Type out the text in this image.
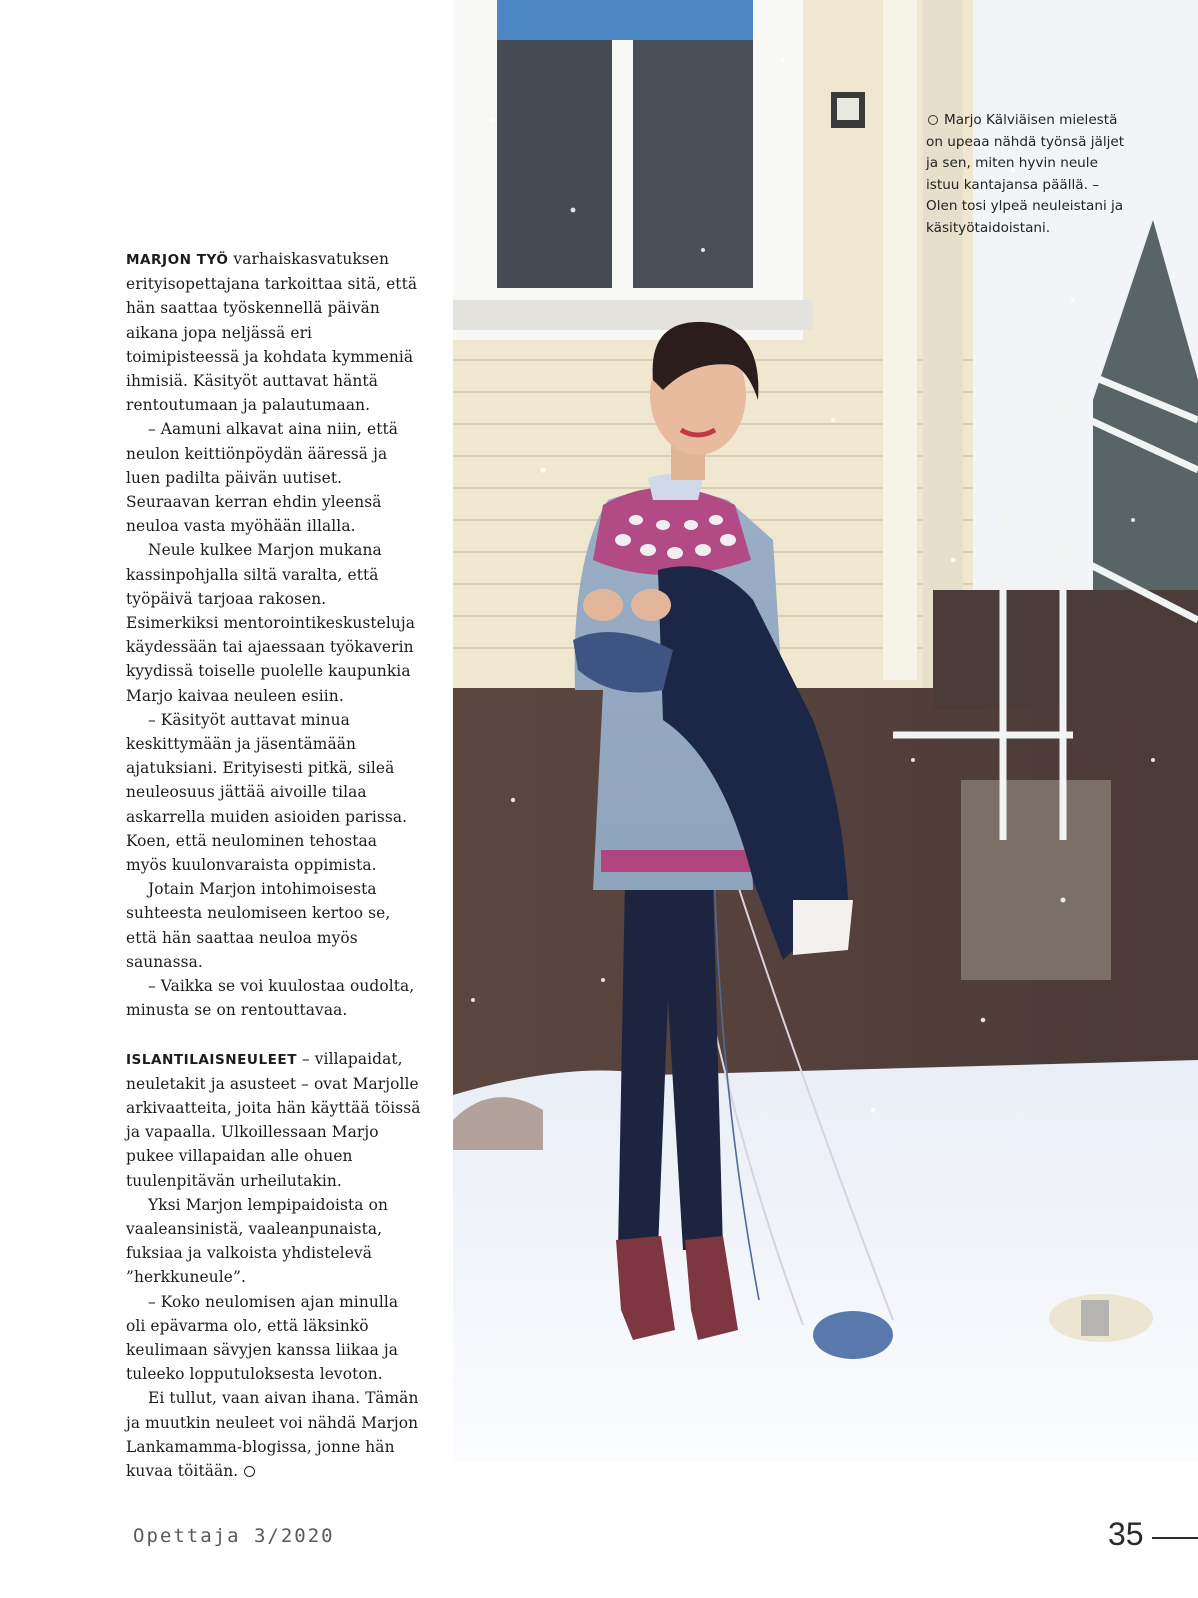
Marjo Kälviäisen mielestä on upeaa nähdä työnsä jäljet ja sen, miten hyvin neule istuu kantajansa päällä. – Olen tosi ylpeä neuleistani ja käsityötaidoistani.

MARJON TYÖ varhaiskasvatuksen erityisopettajana tarkoittaa sitä, että hän saattaa työskennellä päivän aikana jopa neljässä eri toimipisteessä ja kohdata kymmeniä ihmisiä. Käsityöt auttavat häntä rentoutumaan ja palautumaan.

– Aamuni alkavat aina niin, että neulon keittiönpöydän ääressä ja luen padilta päivän uutiset. Seuraavan kerran ehdin yleensä neuloa vasta myöhään illalla.

Neule kulkee Marjon mukana kassinpohjalla siltä varalta, että työpäivä tarjoaa rakosen. Esimerkiksi mentorointikeskusteluja käydessään tai ajaessaan työkaverin kyydissä toiselle puolelle kaupunkia Marjo kaivaa neuleen esiin.

– Käsityöt auttavat minua keskittymään ja jäsentämään ajatuksiani. Erityisesti pitkä, sileä neuleosuus jättää aivoille tilaa askarrella muiden asioiden parissa. Koen, että neulominen tehostaa myös kuulonvaraista oppimista.

Jotain Marjon intohimoisesta suhteesta neulomiseen kertoo se, että hän saattaa neuloa myös saunassa.

– Vaikka se voi kuulostaa oudolta, minusta se on rentouttavaa.

ISLANTILAISNEULEET – villapaidat, neuletakit ja asusteet – ovat Marjolle arkivaatteita, joita hän käyttää töissä ja vapaalla. Ulkoillessaan Marjo pukee villapaidan alle ohuen tuulenpitävän urheilutakin.

Yksi Marjon lempipaidoista on vaaleansinistä, vaaleanpunaista, fuksiaa ja valkoista yhdistelevä ”herkkuneule”.

– Koko neulomisen ajan minulla oli epävarma olo, että läksinkö keulimaan sävyjen kanssa liikaa ja tuleeko lopputuloksesta levoton.

Ei tullut, vaan aivan ihana. Tämän ja muutkin neuleet voi nähdä Marjon Lankamamma-blogissa, jonne hän kuvaa töitään.

Opettaja 3/2020	35
